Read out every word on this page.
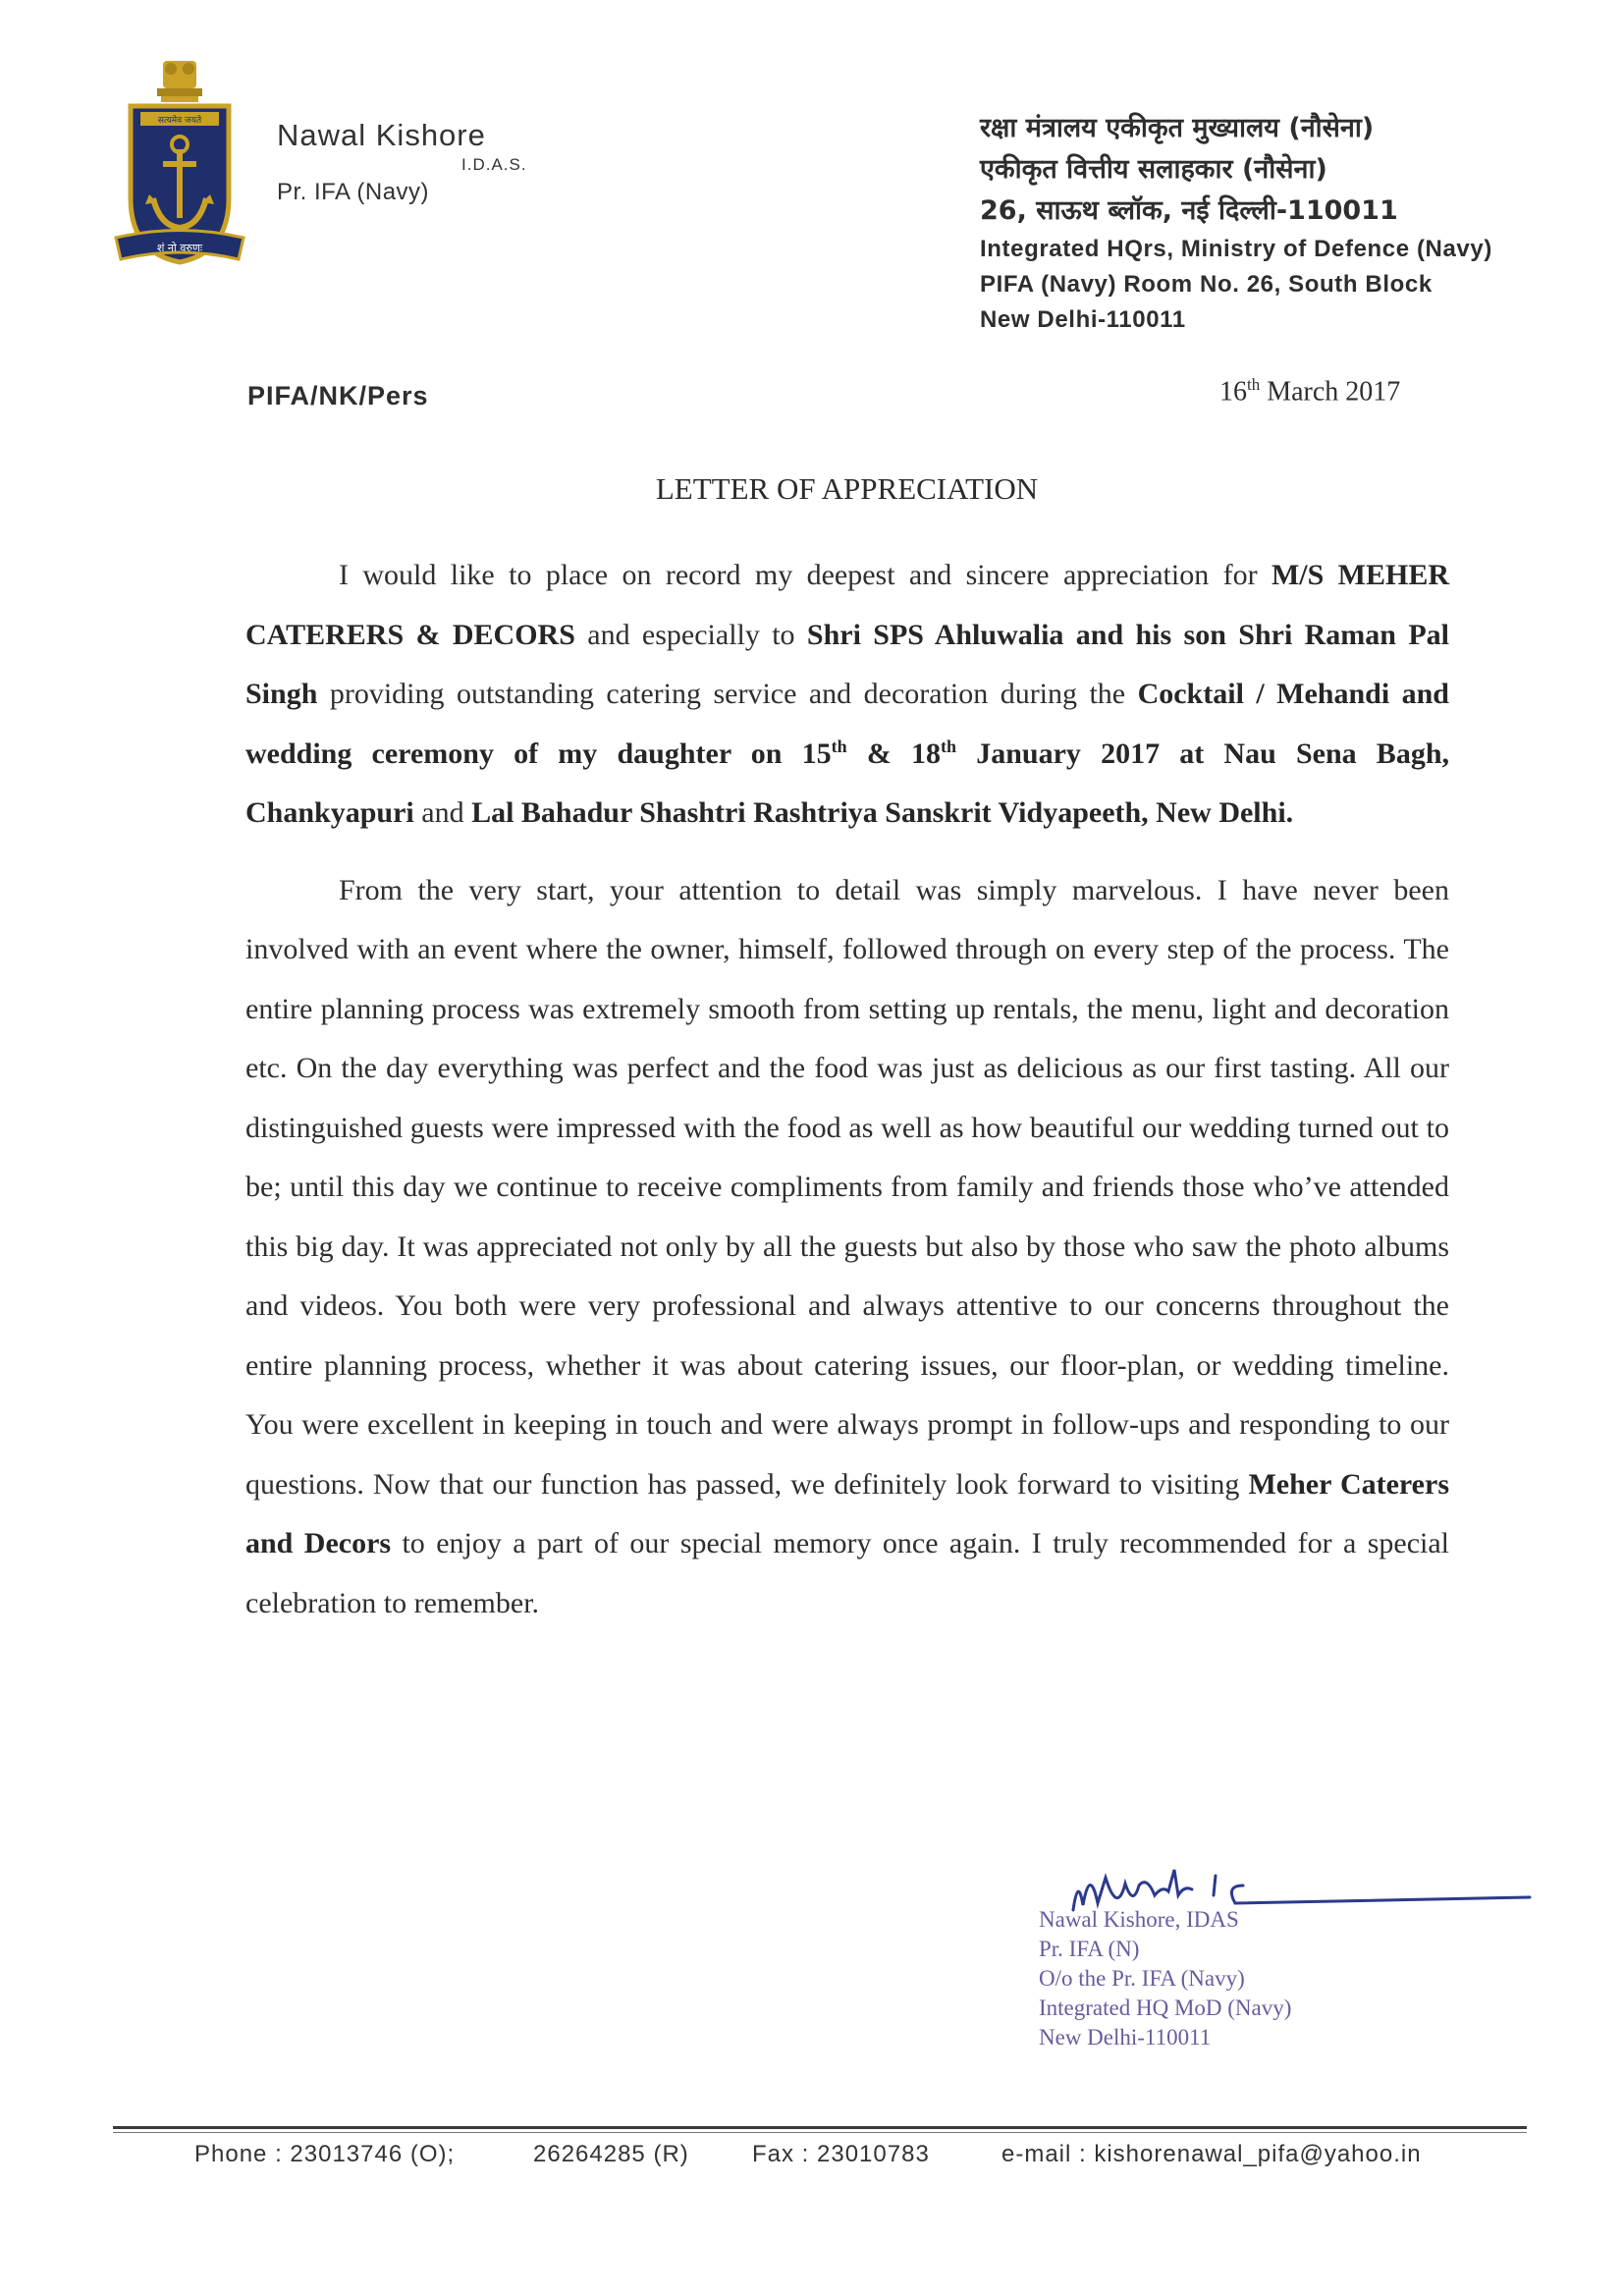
सत्यमेव जयते
शं नो वरुणः
Nawal Kishore
I.D.A.S.
Pr. IFA (Navy)
रक्षा मंत्रालय एकीकृत मुख्यालय (नौसेना)
एकीकृत वित्तीय सलाहकार (नौसेना)
26, साऊथ ब्लॉक, नई दिल्ली-110011
Integrated HQrs, Ministry of Defence (Navy)
PIFA (Navy) Room No. 26, South Block
New Delhi-110011
PIFA/NK/Pers	16th March 2017
LETTER OF APPRECIATION

I would like to place on record my deepest and sincere appreciation for M/S MEHER CATERERS & DECORS and especially to Shri SPS Ahluwalia and his son Shri Raman Pal Singh providing outstanding catering service and decoration during the Cocktail / Mehandi and wedding ceremony of my daughter on 15th & 18th January 2017 at Nau Sena Bagh, Chankyapuri and Lal Bahadur Shashtri Rashtriya Sanskrit Vidyapeeth, New Delhi.

From the very start, your attention to detail was simply marvelous. I have never been involved with an event where the owner, himself, followed through on every step of the process. The entire planning process was extremely smooth from setting up rentals, the menu, light and decoration etc. On the day everything was perfect and the food was just as delicious as our first tasting. All our distinguished guests were impressed with the food as well as how beautiful our wedding turned out to be; until this day we continue to receive compliments from family and friends those who’ve attended this big day. It was appreciated not only by all the guests but also by those who saw the photo albums and videos. You both were very professional and always attentive to our concerns throughout the entire planning process, whether it was about catering issues, our floor-plan, or wedding timeline. You were excellent in keeping in touch and were always prompt in follow-ups and responding to our questions. Now that our function has passed, we definitely look forward to visiting Meher Caterers and Decors to enjoy a part of our special memory once again. I truly recommended for a special celebration to remember.

Nawal Kishore, IDAS
Pr. IFA (N)
O/o the Pr. IFA (Navy)
Integrated HQ MoD (Navy)
New Delhi-110011
Phone : 23013746 (O);	26264285 (R)	Fax : 23010783	e-mail : kishorenawal_pifa@yahoo.in
